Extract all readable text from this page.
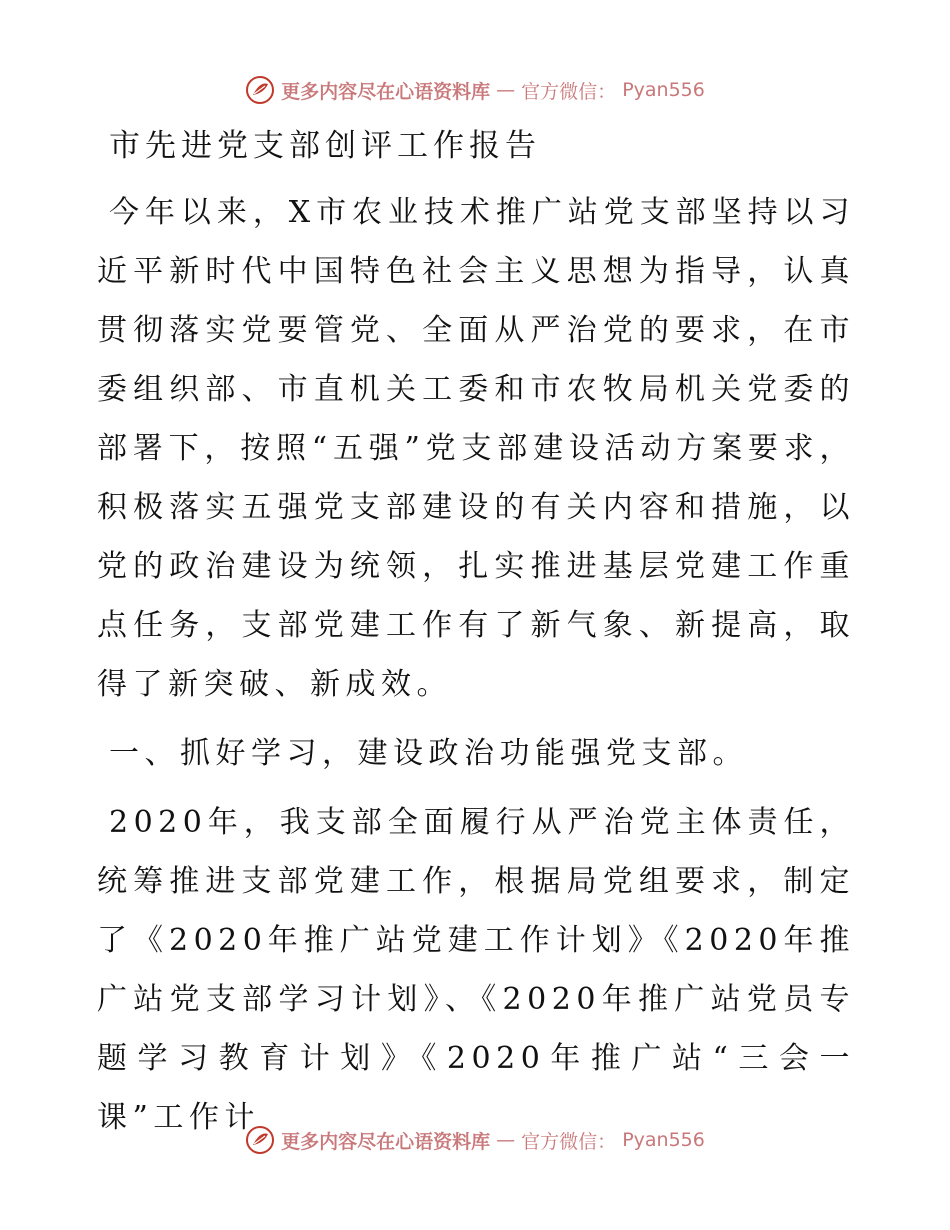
更多内容尽在心语资料库 — 官方微信： Pyan556
市先进党支部创评工作报告

今年以来，X市农业技术推广站党支部坚持以习近平新时代中国特色社会主义思想为指导，认真贯彻落实党要管党、全面从严治党的要求，在市委组织部、市直机关工委和市农牧局机关党委的部署下，按照“五强”党支部建设活动方案要求，积极落实五强党支部建设的有关内容和措施，以党的政治建设为统领，扎实推进基层党建工作重点任务，支部党建工作有了新气象、新提高，取得了新突破、新成效。

一、抓好学习，建设政治功能强党支部。

2020年，我支部全面履行从严治党主体责任，统筹推进支部党建工作，根据局党组要求，制定了《2020年推广站党建工作计划》《2020年推广站党支部学习计划》、《2020年推广站党员专题学习教育计划》《2020年推广站“三会一课”工作计

更多内容尽在心语资料库 — 官方微信： Pyan556
